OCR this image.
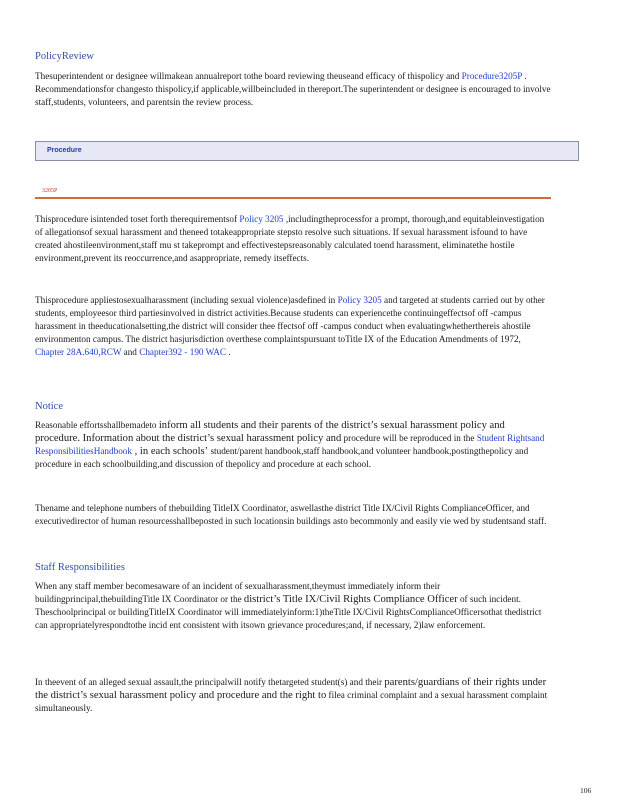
PolicyReview
Thesuperintendent or designee willmakean annualreport tothe board reviewing theuseand efficacy of thispolicy and Procedure3205P . Recommendationsfor changesto thispolicy,if applicable,willbeincluded in thereport.The superintendent or designee is encouraged to involve staff,students, volunteers, and parentsin the review process.
Procedure
3205P
Thisprocedure isintended toset forth therequirementsof Policy 3205 ,includingtheprocessfor a prompt, thorough,and equitableinvestigation of allegationsof sexual harassment and theneed totakeappropriate stepsto resolve such situations. If sexual harassment isfound to have created ahostileenvironment,staff mu st takeprompt and effectivestepsreasonably calculated toend harassment, eliminatethe hostile environment,prevent its reoccurrence,and asappropriate, remedy itseffects.
Thisprocedure appliestosexualharassment (including sexual violence)asdefined in Policy 3205 and targeted at students carried out by other students, employeesor third partiesinvolved in district activities.Because students can experiencethe continuingeffectsof off -campus harassment in theeducationalsetting,the district will consider thee ffectsof off -campus conduct when evaluatingwhetherthereis ahostile environmenton campus. The district hasjurisdiction overthese complaintspursuant toTitle IX of the Education Amendments of 1972, Chapter 28A.640,RCW and Chapter392 - 190 WAC .
Notice
Reasonable effortsshallbemadeto inform all students and their parents of the district’s sexual harassment policy and procedure. Information about the district’s sexual harassment policy and procedure will be reproduced in the Student Rightsand ResponsibilitiesHandbook , in each schools’ student/parent handbook,staff handbook,and volunteer handbook,postingthepolicy and procedure in each schoolbuilding,and discussion of thepolicy and procedure at each school.
Thename and telephone numbers of thebuilding TitleIX Coordinator, aswellasthe district Title IX/Civil Rights ComplianceOfficer, and executivedirector of human resourcesshallbeposted in such locationsin buildings asto becommonly and easily vie wed by studentsand staff.
Staff Responsibilities
When any staff member becomesaware of an incident of sexualharassment,theymust immediately inform their buildingprincipal,thebuildingTitle IX Coordinator or the district’s Title IX/Civil Rights Compliance Officer of such incident. Theschoolprincipal or buildingTitleIX Coordinator will immediatelyinform:1)theTitle IX/Civil RightsComplianceOfficersothat thedistrict can appropriatelyrespondtothe incid ent consistent with itsown grievance procedures;and, if necessary, 2)law enforcement.
In theevent of an alleged sexual assault,the principalwill notify thetargeted student(s) and their parents/guardians of their rights under the district’s sexual harassment policy and procedure and the right to filea criminal complaint and a sexual harassment complaint simultaneously.
106
